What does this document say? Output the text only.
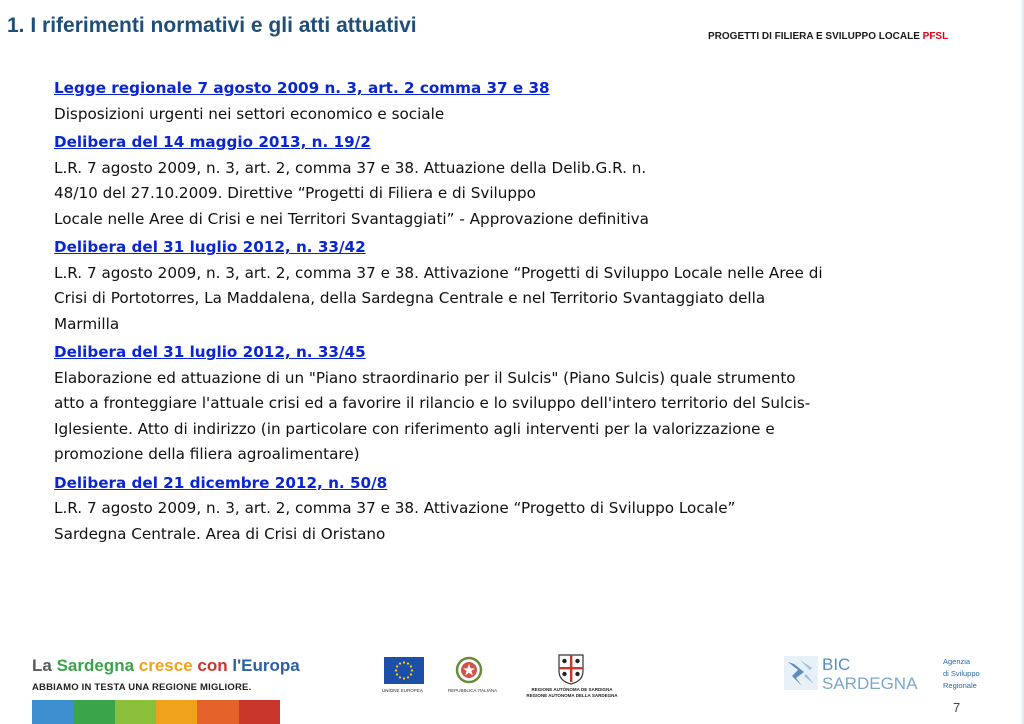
1. I riferimenti normativi e gli atti attuativi	PROGETTI DI FILIERA E SVILUPPO LOCALE PFSL
Legge regionale 7 agosto 2009 n. 3, art. 2 comma 37 e 38
Disposizioni urgenti nei settori economico e sociale
Delibera del 14 maggio 2013, n. 19/2
L.R. 7 agosto 2009, n. 3, art. 2, comma 37 e 38. Attuazione della Delib.G.R. n.
48/10 del 27.10.2009. Direttive “Progetti di Filiera e di Sviluppo
Locale nelle Aree di Crisi e nei Territori Svantaggiati” - Approvazione definitiva
Delibera del 31 luglio 2012, n. 33/42
L.R. 7 agosto 2009, n. 3, art. 2, comma 37 e 38. Attivazione “Progetti di Sviluppo Locale nelle Aree di
Crisi di Portotorres, La Maddalena, della Sardegna Centrale e nel Territorio Svantaggiato della
Marmilla
Delibera del 31 luglio 2012, n. 33/45
Elaborazione ed attuazione di un "Piano straordinario per il Sulcis" (Piano Sulcis) quale strumento
atto a fronteggiare l'attuale crisi ed a favorire il rilancio e lo sviluppo dell'intero territorio del Sulcis-
Iglesiente. Atto di indirizzo (in particolare con riferimento agli interventi per la valorizzazione e
promozione della filiera agroalimentare)
Delibera del 21 dicembre 2012, n. 50/8
L.R. 7 agosto 2009, n. 3, art. 2, comma 37 e 38. Attivazione “Progetto di Sviluppo Locale”
Sardegna Centrale. Area di Crisi di Oristano
La Sardegna cresce con l'Europa
ABBIAMO IN TESTA UNA REGIONE MIGLIORE.	UNIONE EUROPEA	REPUBBLICA ITALIANA	REGIONE AUTÒNOMA DE SARDIGNA
REGIONE AUTONOMA DELLA SARDEGNA
BIC
SARDEGNA
Agenzia
di Sviluppo
Regionale
7
